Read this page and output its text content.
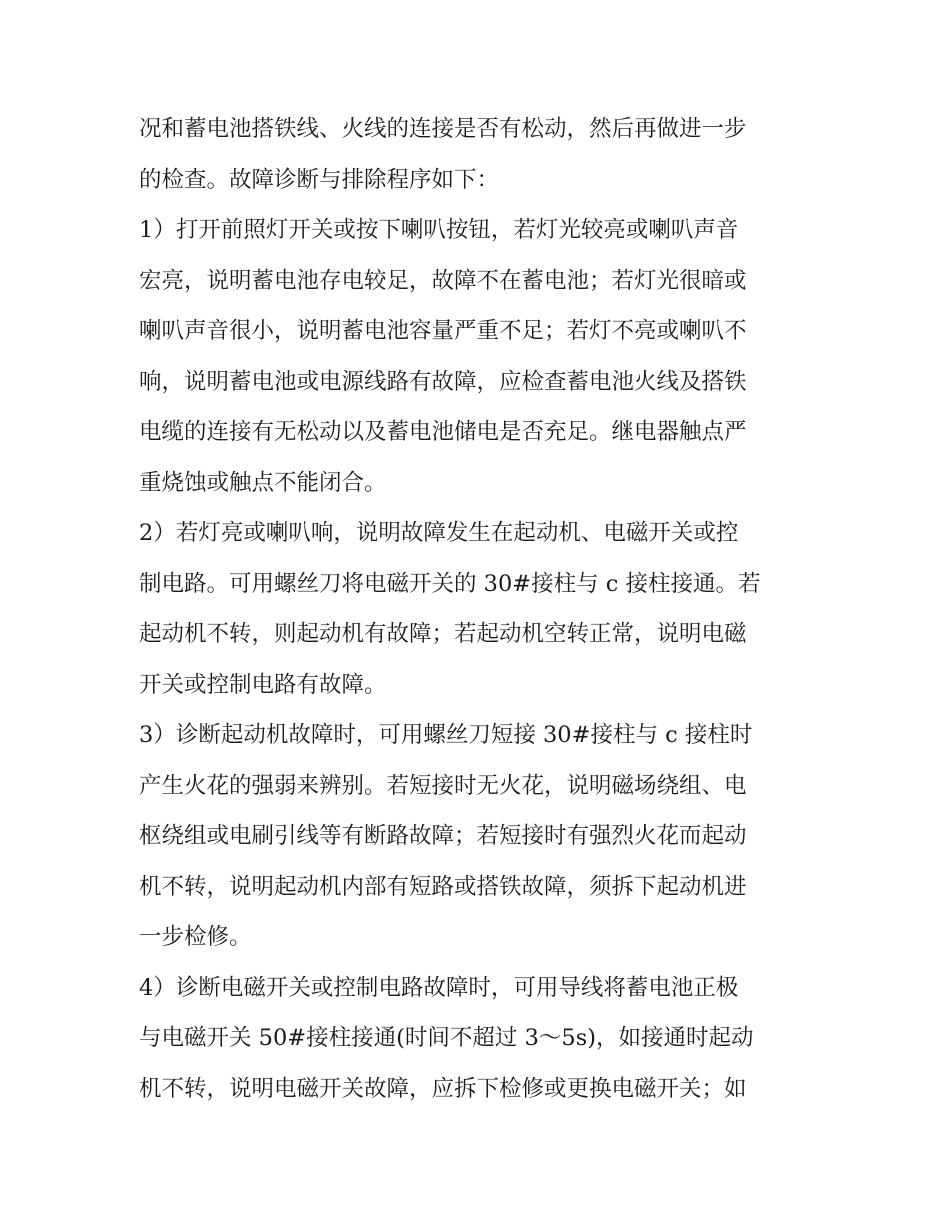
况和蓄电池搭铁线、火线的连接是否有松动，然后再做进一步
的检查。故障诊断与排除程序如下：
1）打开前照灯开关或按下喇叭按钮，若灯光较亮或喇叭声音
宏亮，说明蓄电池存电较足，故障不在蓄电池；若灯光很暗或
喇叭声音很小，说明蓄电池容量严重不足；若灯不亮或喇叭不
响，说明蓄电池或电源线路有故障，应检查蓄电池火线及搭铁
电缆的连接有无松动以及蓄电池储电是否充足。继电器触点严
重烧蚀或触点不能闭合。
2）若灯亮或喇叭响，说明故障发生在起动机、电磁开关或控
制电路。可用螺丝刀将电磁开关的 30#接柱与 c 接柱接通。若
起动机不转，则起动机有故障；若起动机空转正常，说明电磁
开关或控制电路有故障。
3）诊断起动机故障时，可用螺丝刀短接 30#接柱与 c 接柱时
产生火花的强弱来辨别。若短接时无火花，说明磁场绕组、电
枢绕组或电刷引线等有断路故障；若短接时有强烈火花而起动
机不转，说明起动机内部有短路或搭铁故障，须拆下起动机进
一步检修。
4）诊断电磁开关或控制电路故障时，可用导线将蓄电池正极
与电磁开关 50#接柱接通(时间不超过 3～5s)，如接通时起动
机不转，说明电磁开关故障，应拆下检修或更换电磁开关；如
